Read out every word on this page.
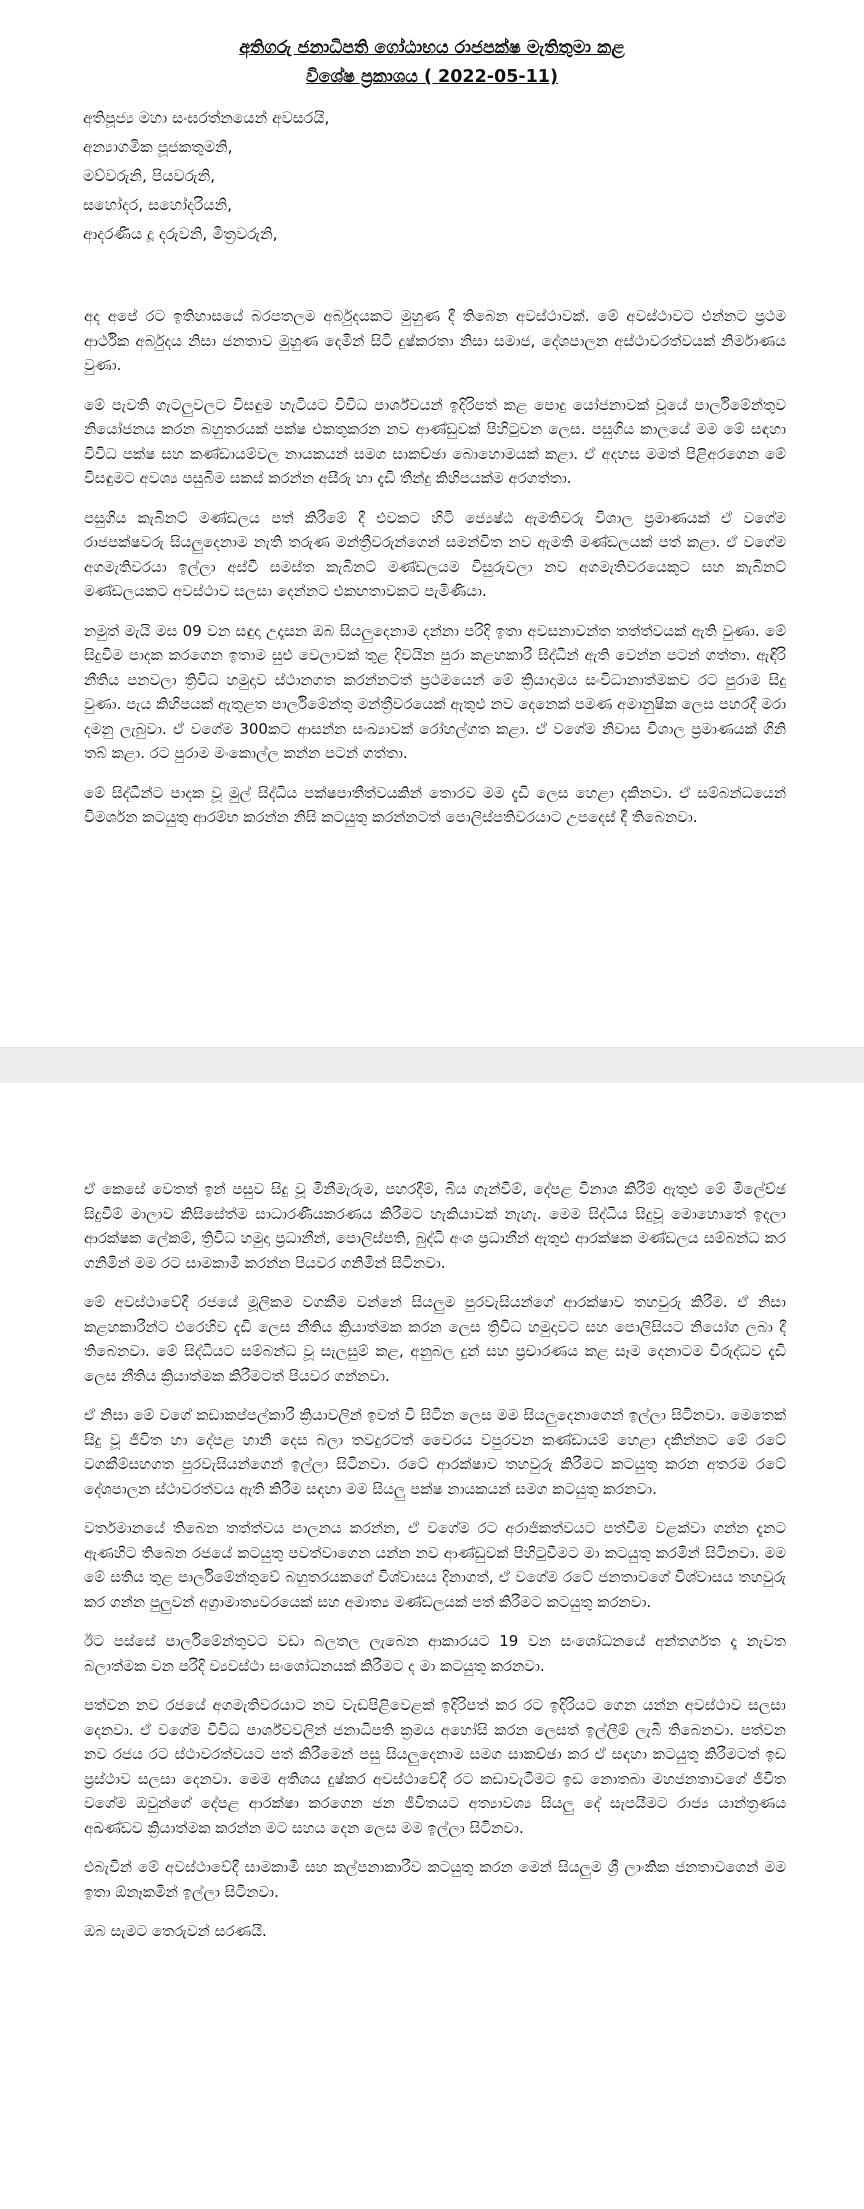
අතිගරු ජනාධිපති ගෝඨාභය රාජපක්ෂ මැතිතුමා කළ
විශේෂ ප්‍රකාශය ( 2022-05-11)
අතිපූජ්‍ය මහා සංඝරත්නයෙන් අවසරයි,
අන්‍යාගමික පූජකතුමනි,
මව්වරුනි, පියවරුනි,
සහෝදර, සහෝදරියනි,
ආදරණීය දූ දරුවනි, මිත්‍රවරුනි,

අද අපේ රට ඉතිහාසයේ බරපතලම අර්බුදයකට මුහුණ දී තිබෙන අවස්ථාවක්. මේ අවස්ථාවට එන්නට ප්‍රථම ආර්ථික අර්බුදය නිසා ජනතාව මුහුණ දෙමින් සිටි දුෂ්කරතා නිසා සමාජ, දේශපාලන අස්ථාවරත්වයක් නිර්මාණය වුණා.

මේ පැවති ගැටලුවලට විසඳුම හැටියට විවිධ පාර්ශ්වයන් ඉදිරිපත් කළ පොදු යෝජනාවක් වූයේ පාර්ලිමේන්තුව නියෝජනය කරන බහුතරයක් පක්ෂ එකතුකරන නව ආණ්ඩුවක් පිහිටුවන ලෙස. පසුගිය කාලයේ මම මේ සඳහා විවිධ පක්ෂ සහ කණ්ඩායම්වල නායකයන් සමග සාකච්ඡා බොහොමයක් කළා. ඒ අදහස මමත් පිළිඅරගෙන මේ විසඳුමට අවශ්‍ය පසුබිම සකස් කරන්න අසීරු හා දැඩි තීන්දු කිහිපයක්ම අරගත්තා.

පසුගිය කැබිනට් මණ්ඩලය පත් කිරීමේ දී එවකට හිටි ජ්‍යෙෂ්ඨ ඇමතිවරු විශාල ප්‍රමාණයක් ඒ වගේම රාජපක්ෂවරු සියලුදෙනාම නැති තරුණ මන්ත්‍රීවරුන්ගෙන් සමන්විත නව ඇමති මණ්ඩලයක් පත් කළා. ඒ වගේම අගමැතිවරයා ඉල්ලා අස්වී සමස්ත කැබිනට් මණ්ඩලයම විසුරුවලා නව අගමැතිවරයෙකුට සහ කැබිනට් මණ්ඩලයකට අවස්ථාව සලසා දෙන්නට එකඟතාවකට පැමිණියා.

නමුත් මැයි මස 09 වන සඳුදා උදෑසන ඔබ සියලුදෙනාම දන්නා පරිදි ඉතා අවසනාවන්ත තත්ත්වයක් ඇති වුණා. මේ සිදුවීම පාදක කරගෙන ඉතාම සුළු වෙලාවක් තුළ දිවයින පුරා කළහකාරී සිද්ධීන් ඇති වෙන්න පටන් ගත්තා. ඇඳිරි නීතිය පනවලා ත්‍රිවිධ හමුදාව ස්ථානගත කරන්නටත් ප්‍රථමයෙන් මේ ක්‍රියාදාමය සංවිධානාත්මකව රට පුරාම සිදු වුණා. පැය කිහිපයක් ඇතුළත පාර්ලිමේන්තු මන්ත්‍රීවරයෙක් ඇතුළු නව දෙනෙක් පමණ අමානුෂික ලෙස පහරදී මරා දමනු ලැබුවා. ඒ වගේම 300කට ආසන්න සංඛ්‍යාවක් රෝහල්ගත කළා. ඒ වගේම නිවාස විශාල ප්‍රමාණයක් ගිනි තබ් කළා. රට පුරාම මංකොල්ල කන්න පටන් ගත්තා.

මේ සිද්ධීන්ට පාදක වූ මුල් සිද්ධිය පක්ෂපාතීත්වයකින් තොරව මම දැඩි ලෙස හෙළා දකිනවා. ඒ සම්බන්ධයෙන් විමර්ශන කටයුතු ආරම්භ කරන්න නිසි කටයුතු කරන්නටත් පොලිස්පතිවරයාට උපදෙස් දී තිබෙනවා.

ඒ කෙසේ වෙතත් ඉන් පසුව සිදු වූ මිනීමැරුම, පහරදීම්, බිය ගැන්වීම්, දේපළ විනාශ කිරීම් ඇතුළු මේ මිලේච්ඡ සිදුවීම් මාලාව කිසිසේත්ම සාධාරණීයකරණය කිරීමට හැකියාවක් නැහැ. මෙම සිද්ධිය සිදුවූ මොහොතේ ඉදලා ආරක්ෂක ලේකම්, ත්‍රිවිධ හමුදා ප්‍රධානීන්, පොලිස්පති, බුද්ධි අංශ ප්‍රධානීන් ඇතුළු ආරක්ෂක මණ්ඩලය සම්බන්ධ කර ගනිමින් මම රට සාමකාමී කරන්න පියවර ගනිමින් සිටිනවා.

මේ අවස්ථාවේදී රජයේ මූලිකම වගකීම වන්නේ සියලුම පුරවැසියන්ගේ ආරක්ෂාව තහවුරු කිරීම. ඒ නිසා කළහකාරීන්ට එරෙහිව දැඩි ලෙස නීතිය ක්‍රියාත්මක කරන ලෙස ත්‍රිවිධ හමුදාවට සහ පොලිසියට නියෝග ලබා දී තිබෙනවා. මේ සිද්ධියට සම්බන්ධ වූ සැලසුම් කළ, අනුබල දුන් සහ ප්‍රචාරණය කළ සෑම දෙනාටම විරුද්ධව දැඩි ලෙස නීතිය ක්‍රියාත්මක කිරීමටත් පියවර ගන්නවා.

ඒ නිසා මේ වගේ කඩාකප්පල්කාරී ක්‍රියාවලින් ඉවත් වී සිටින ලෙස මම සියලුදෙනාගෙන් ඉල්ලා සිටිනවා. මෙතෙක් සිදු වූ ජීවිත හා දේපළ හානි දෙස බලා තවදුරටත් වෛරය වපුරවන කණ්ඩායම් හෙළා දකින්නට මේ රටේ වගකීම්සහගත පුරවැසියන්ගෙන් ඉල්ලා සිටිනවා. රටේ ආරක්ෂාව තහවුරු කිරීමට කටයුතු කරන අතරම රටේ දේශපාලන ස්ථාවරත්වය ඇති කිරීම සඳහා මම සියලු පක්ෂ නායකයන් සමග කටයුතු කරනවා.

වර්තමානයේ තිබෙන තත්ත්වය පාලනය කරන්න, ඒ වගේම රට අරාජිකත්වයට පත්වීම වළක්වා ගන්න දැනට ඇණහිට තිබෙන රජයේ කටයුතු පවත්වාගෙන යන්න නව ආණ්ඩුවක් පිහිටුවීමට මා කටයුතු කරමින් සිටිනවා. මම මේ සතිය තුළ පාර්ලිමේන්තුවේ බහුතරයකගේ විශ්වාසය දිනාගත්, ඒ වගේම රටේ ජනතාවගේ විශ්වාසය තහවුරු කර ගන්න පුලුවන් අග්‍රාමාත්‍යවරයෙක් සහ අමාත්‍ය මණ්ඩලයක් පත් කිරීමට කටයුතු කරනවා.

ඊට පස්සේ පාර්ලිමේන්තුවට වඩා බලතල ලැබෙන ආකාරයට 19 වන සංශෝධනයේ අන්තර්ගත දෑ නැවත බලාත්මක වන පරිදි ව්‍යවස්ථා සංශෝධනයක් කිරීමට ද මා කටයුතු කරනවා.

පත්වන නව රජයේ අගමැතිවරයාට නව වැඩපිළිවෙළක් ඉදිරිපත් කර රට ඉදිරියට ගෙන යන්න අවස්ථාව සලසා දෙනවා. ඒ වගේම විවිධ පාර්ශ්වවලින් ජනාධිපති ක්‍රමය අහෝසි කරන ලෙසත් ඉල්ලීම් ලැබී තිබෙනවා. පත්වන නව රජය රට ස්ථාවරත්වයට පත් කිරීමෙන් පසු සියලුදෙනාම සමග සාකච්ඡා කර ඒ සඳහා කටයුතු කිරීමටත් ඉඩ ප්‍රස්ථාව සලසා දෙනවා. මෙම අතිශය දුෂ්කර අවස්ථාවේදී රට කඩාවැටීමට ඉඩ නොතබා මහජනතාවගේ ජීවිත වගේම ඔවුන්ගේ දේපළ ආරක්ෂා කරගෙන ජන ජීවිතයට අත්‍යාවශ්‍ය සියලු දේ සැපයීමට රාජ්‍ය යාන්ත්‍රණය අඛණ්ඩව ක්‍රියාත්මක කරන්න මට සහය දෙන ලෙස මම ඉල්ලා සිටිනවා.

එබැවින් මේ අවස්ථාවේදී සාමකාමී සහ කල්පනාකාරීව කටයුතු කරන මෙන් සියලුම ශ්‍රී ලාංකික ජනතාවගෙන් මම ඉතා ඕනෑකමින් ඉල්ලා සිටිනවා.

ඔබ සැමට තෙරුවන් සරණයි.
